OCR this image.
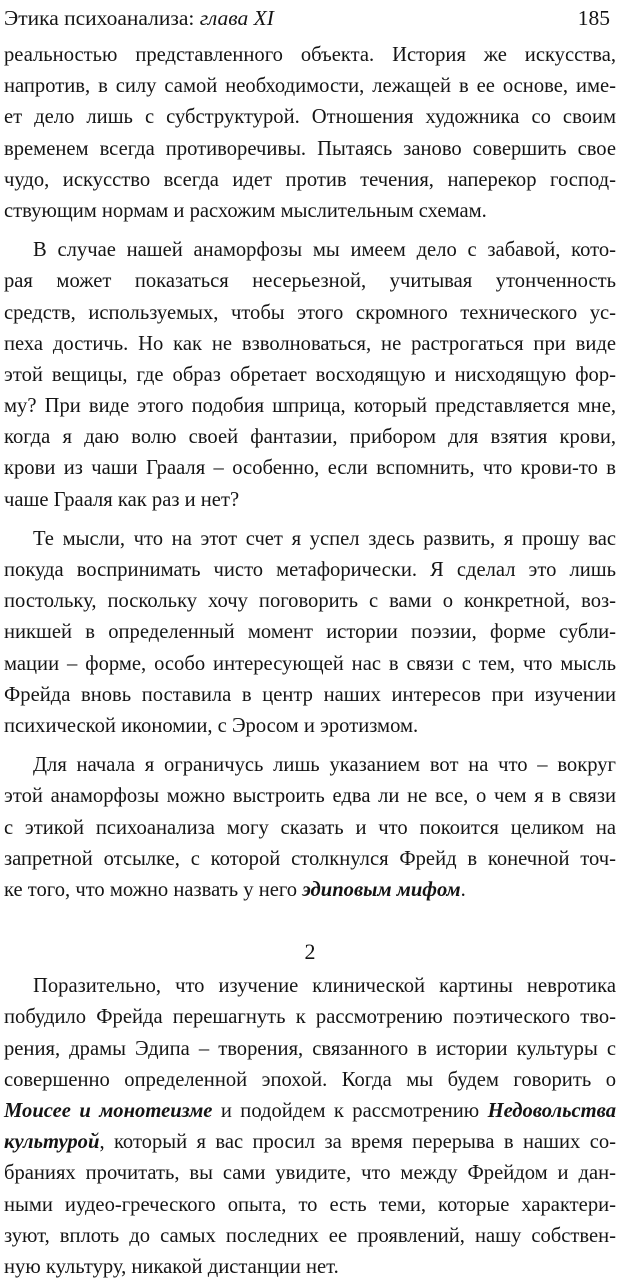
Этика психоанализа: глава XI	185
реальностью представленного объекта. История же искусства,
напротив, в силу самой необходимости, лежащей в ее основе, име-
ет дело лишь с субструктурой. Отношения художника со своим
временем всегда противоречивы. Пытаясь заново совершить свое
чудо, искусство всегда идет против течения, наперекор господ-
ствующим нормам и расхожим мыслительным схемам.
В случае нашей анаморфозы мы имеем дело с забавой, кото-
рая может показаться несерьезной, учитывая утонченность
средств, используемых, чтобы этого скромного технического ус-
пеха достичь. Но как не взволноваться, не растрогаться при виде
этой вещицы, где образ обретает восходящую и нисходящую фор-
му? При виде этого подобия шприца, который представляется мне,
когда я даю волю своей фантазии, прибором для взятия крови,
крови из чаши Грааля – особенно, если вспомнить, что крови-то в
чаше Грааля как раз и нет?
Те мысли, что на этот счет я успел здесь развить, я прошу вас
покуда воспринимать чисто метафорически. Я сделал это лишь
постольку, поскольку хочу поговорить с вами о конкретной, воз-
никшей в определенный момент истории поэзии, форме субли-
мации – форме, особо интересующей нас в связи с тем, что мысль
Фрейда вновь поставила в центр наших интересов при изучении
психической икономии, с Эросом и эротизмом.
Для начала я ограничусь лишь указанием вот на что – вокруг
этой анаморфозы можно выстроить едва ли не все, о чем я в связи
с этикой психоанализа могу сказать и что покоится целиком на
запретной отсылке, с которой столкнулся Фрейд в конечной точ-
ке того, что можно назвать у него эдиповым мифом.
2
Поразительно, что изучение клинической картины невротика
побудило Фрейда перешагнуть к рассмотрению поэтического тво-
рения, драмы Эдипа – творения, связанного в истории культуры с
совершенно определенной эпохой. Когда мы будем говорить о
Моисее и монотеизме и подойдем к рассмотрению Недовольства
культурой, который я вас просил за время перерыва в наших со-
браниях прочитать, вы сами увидите, что между Фрейдом и дан-
ными иудео-греческого опыта, то есть теми, которые характери-
зуют, вплоть до самых последних ее проявлений, нашу собствен-
ную культуру, никакой дистанции нет.
